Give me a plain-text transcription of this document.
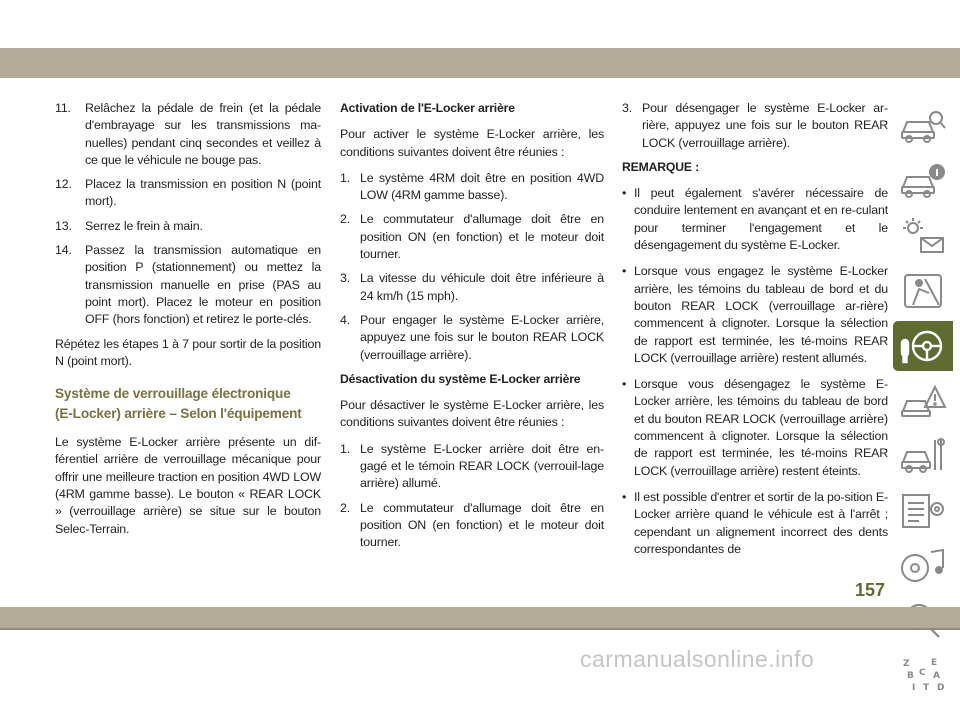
11. Relâchez la pédale de frein (et la pédale d'embrayage sur les transmissions ma-nuelles) pendant cinq secondes et veillez à ce que le véhicule ne bouge pas.
12. Placez la transmission en position N (point mort).
13. Serrez le frein à main.
14. Passez la transmission automatique en position P (stationnement) ou mettez la transmission manuelle en prise (PAS au point mort). Placez le moteur en position OFF (hors fonction) et retirez le porte-clés.

Répétez les étapes 1 à 7 pour sortir de la position N (point mort).

Système de verrouillage électronique
(E-Locker) arrière – Selon l'équipement

Le système E-Locker arrière présente un dif-férentiel arrière de verrouillage mécanique pour offrir une meilleure traction en position 4WD LOW (4RM gamme basse). Le bouton « REAR LOCK » (verrouillage arrière) se situe sur le bouton Selec-Terrain.

Activation de l'E-Locker arrière

Pour activer le système E-Locker arrière, les conditions suivantes doivent être réunies :

1. Le système 4RM doit être en position 4WD LOW (4RM gamme basse).
2. Le commutateur d'allumage doit être en position ON (en fonction) et le moteur doit tourner.
3. La vitesse du véhicule doit être inférieure à 24 km/h (15 mph).
4. Pour engager le système E-Locker arrière, appuyez une fois sur le bouton REAR LOCK (verrouillage arrière).
Désactivation du système E-Locker arrière

Pour désactiver le système E-Locker arrière, les conditions suivantes doivent être réunies :

1. Le système E-Locker arrière doit être en-gagé et le témoin REAR LOCK (verrouil-lage arrière) allumé.
2. Le commutateur d'allumage doit être en position ON (en fonction) et le moteur doit tourner.
3. Pour désengager le système E-Locker ar-rière, appuyez une fois sur le bouton REAR LOCK (verrouillage arrière).
REMARQUE :
• Il peut également s'avérer nécessaire de conduire lentement en avançant et en re-culant pour terminer l'engagement et le désengagement du système E-Locker.
• Lorsque vous engagez le système E-Locker arrière, les témoins du tableau de bord et du bouton REAR LOCK (verrouillage ar-rière) commencent à clignoter. Lorsque la sélection de rapport est terminée, les té-moins REAR LOCK (verrouillage arrière) restent allumés.
• Lorsque vous désengagez le système E-Locker arrière, les témoins du tableau de bord et du bouton REAR LOCK (verrouillage arrière) commencent à clignoter. Lorsque la sélection de rapport est terminée, les té-moins REAR LOCK (verrouillage arrière) restent éteints.
• Il est possible d'entrer et sortir de la po-sition E-Locker arrière quand le véhicule est à l'arrêt ; cependant un alignement incorrect des dents correspondantes de
Z E
B C A
I T D
157
carmanualsonline.info
